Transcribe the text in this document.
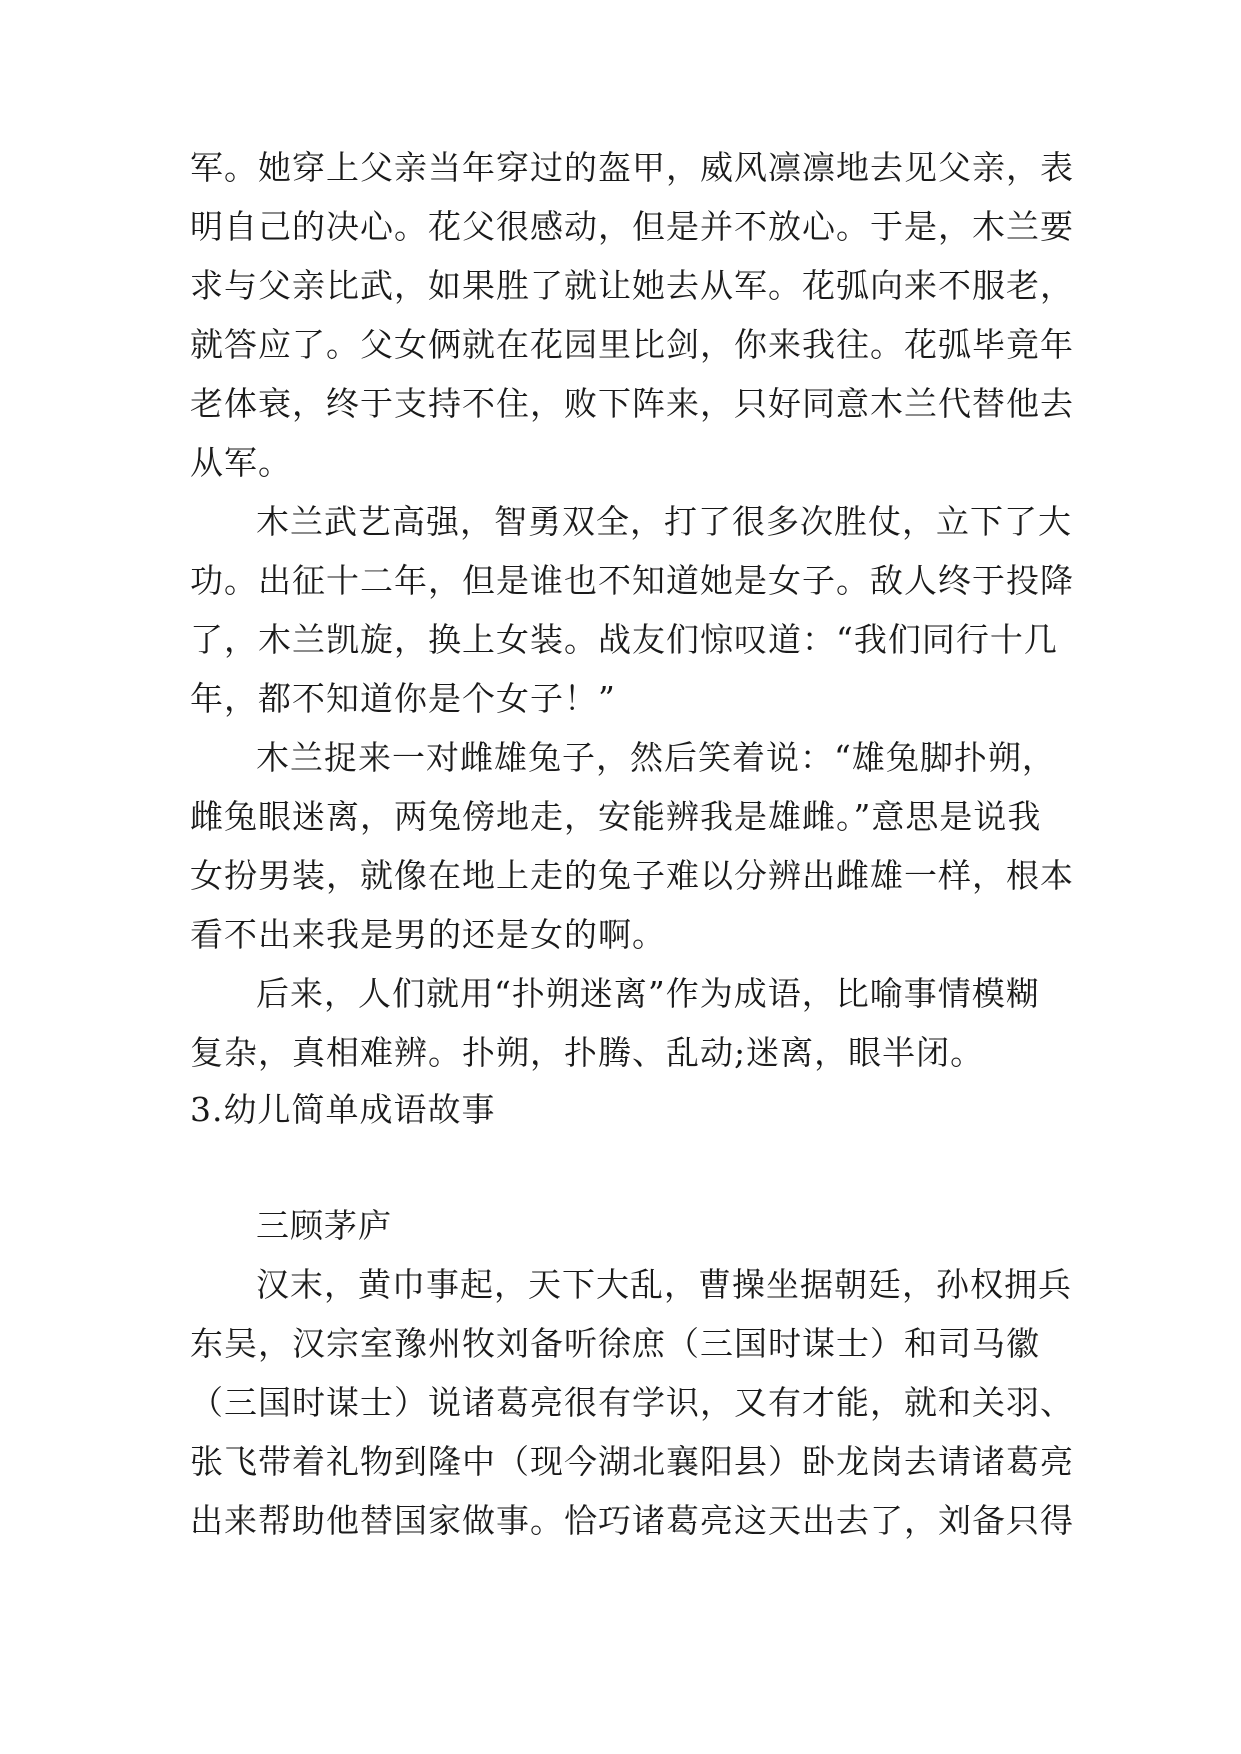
军。她穿上父亲当年穿过的盔甲，威风凛凛地去见父亲，表
明自己的决心。花父很感动，但是并不放心。于是，木兰要
求与父亲比武，如果胜了就让她去从军。花弧向来不服老，
就答应了。父女俩就在花园里比剑，你来我往。花弧毕竟年
老体衰，终于支持不住，败下阵来，只好同意木兰代替他去
从军。
木兰武艺高强，智勇双全，打了很多次胜仗，立下了大
功。出征十二年，但是谁也不知道她是女子。敌人终于投降
了，木兰凯旋，换上女装。战友们惊叹道：“我们同行十几
年，都不知道你是个女子！”
木兰捉来一对雌雄兔子，然后笑着说：“雄兔脚扑朔，
雌兔眼迷离，两兔傍地走，安能辨我是雄雌。”意思是说我
女扮男装，就像在地上走的兔子难以分辨出雌雄一样，根本
看不出来我是男的还是女的啊。
后来，人们就用“扑朔迷离”作为成语，比喻事情模糊
复杂，真相难辨。扑朔，扑腾、乱动;迷离，眼半闭。
3.幼儿简单成语故事
三顾茅庐
汉末，黄巾事起，天下大乱，曹操坐据朝廷，孙权拥兵
东吴，汉宗室豫州牧刘备听徐庶（三国时谋士）和司马徽
（三国时谋士）说诸葛亮很有学识，又有才能，就和关羽、
张飞带着礼物到隆中（现今湖北襄阳县）卧龙岗去请诸葛亮
出来帮助他替国家做事。恰巧诸葛亮这天出去了，刘备只得
